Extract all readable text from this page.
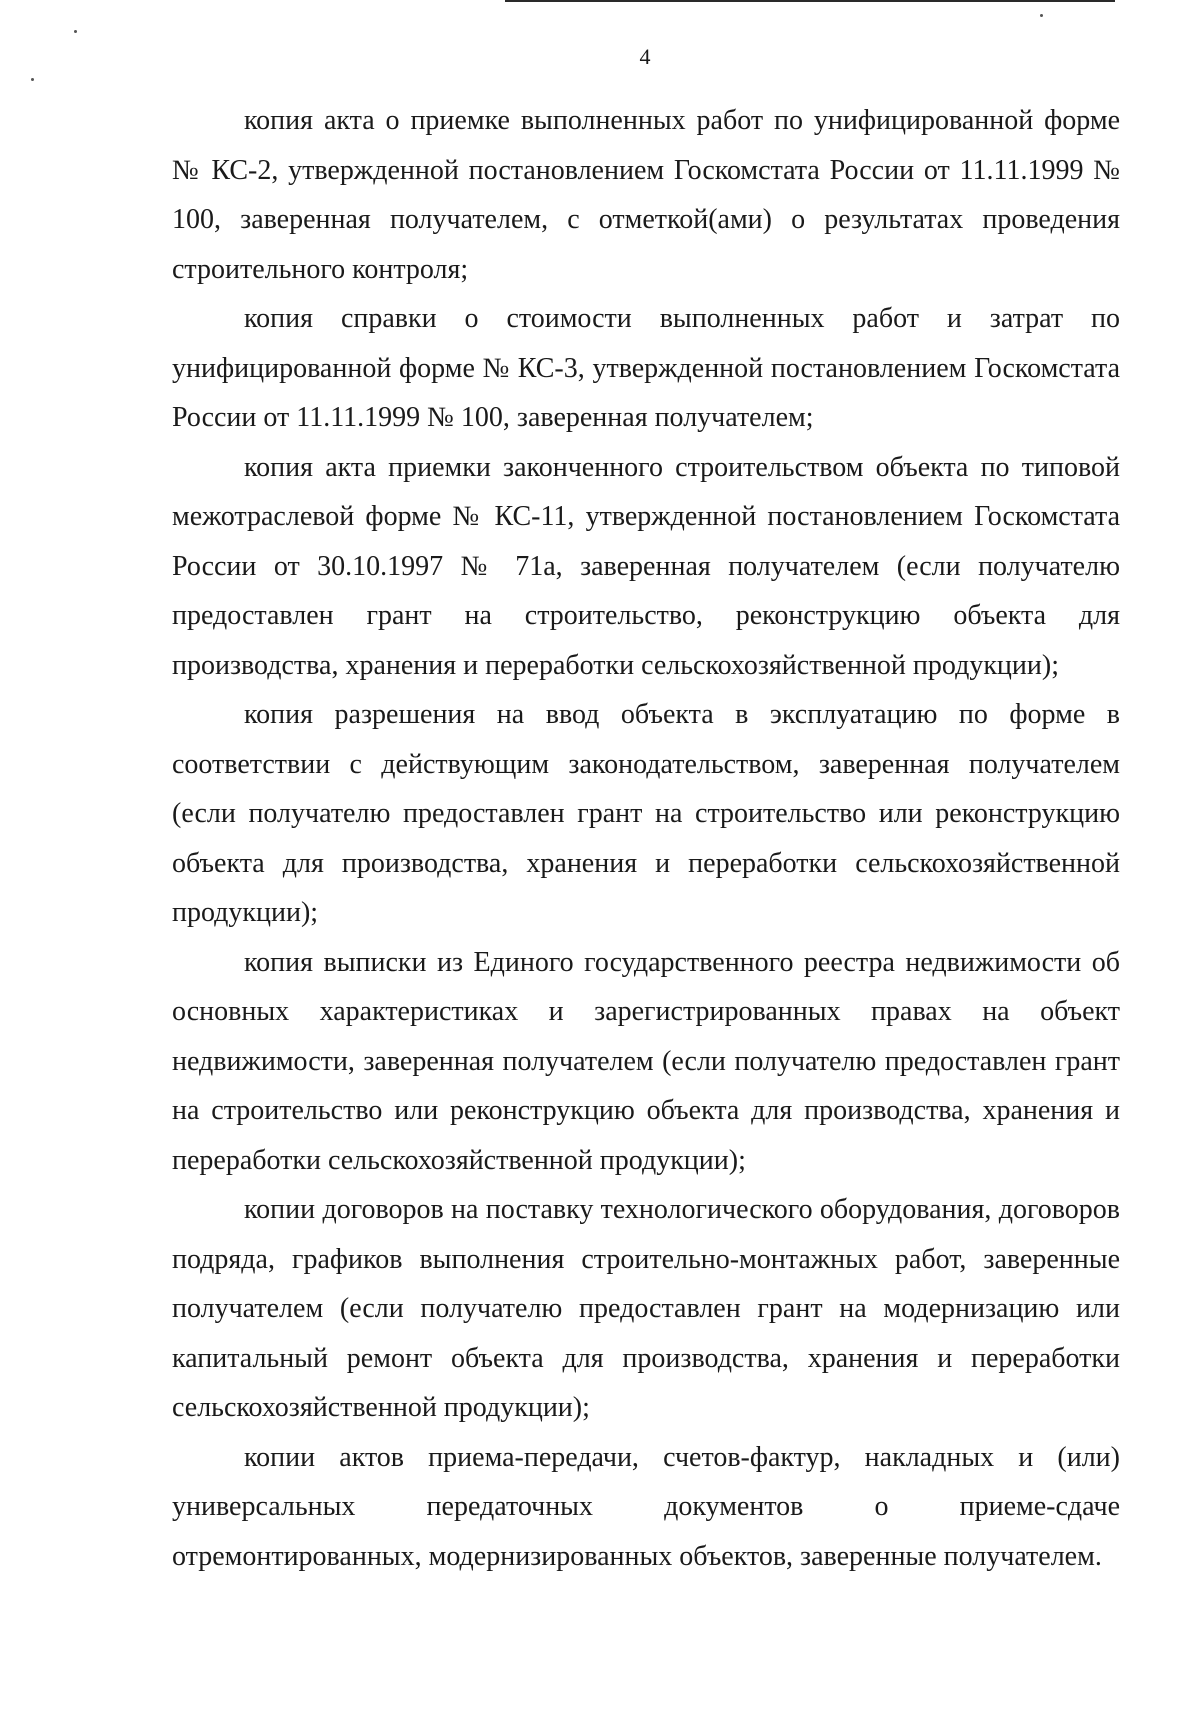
4

копия акта о приемке выполненных работ по унифицированной форме № КС-2, утвержденной постановлением Госкомстата России от 11.11.1999 № 100, заверенная получателем, с отметкой(ами) о результатах проведения строительного контроля;

копия справки о стоимости выполненных работ и затрат по унифицированной форме № КС-3, утвержденной постановлением Госкомстата России от 11.11.1999 № 100, заверенная получателем;

копия акта приемки законченного строительством объекта по типовой межотраслевой форме № КС-11, утвержденной постановлением Госкомстата России от 30.10.1997 № 71а, заверенная получателем (если получателю предоставлен грант на строительство, реконструкцию объекта для производства, хранения и переработки сельскохозяйственной продукции);

копия разрешения на ввод объекта в эксплуатацию по форме в соответствии с действующим законодательством, заверенная получателем (если получателю предоставлен грант на строительство или реконструкцию объекта для производства, хранения и переработки сельскохозяйственной продукции);

копия выписки из Единого государственного реестра недвижимости об основных характеристиках и зарегистрированных правах на объект недвижимости, заверенная получателем (если получателю предоставлен грант на строительство или реконструкцию объекта для производства, хранения и переработки сельскохозяйственной продукции);

копии договоров на поставку технологического оборудования, договоров подряда, графиков выполнения строительно-монтажных работ, заверенные получателем (если получателю предоставлен грант на модернизацию или капитальный ремонт объекта для производства, хранения и переработки сельскохозяйственной продукции);

копии актов приема-передачи, счетов-фактур, накладных и (или) универсальных передаточных документов о приеме-сдаче отремонтированных, модернизированных объектов, заверенные получателем.
